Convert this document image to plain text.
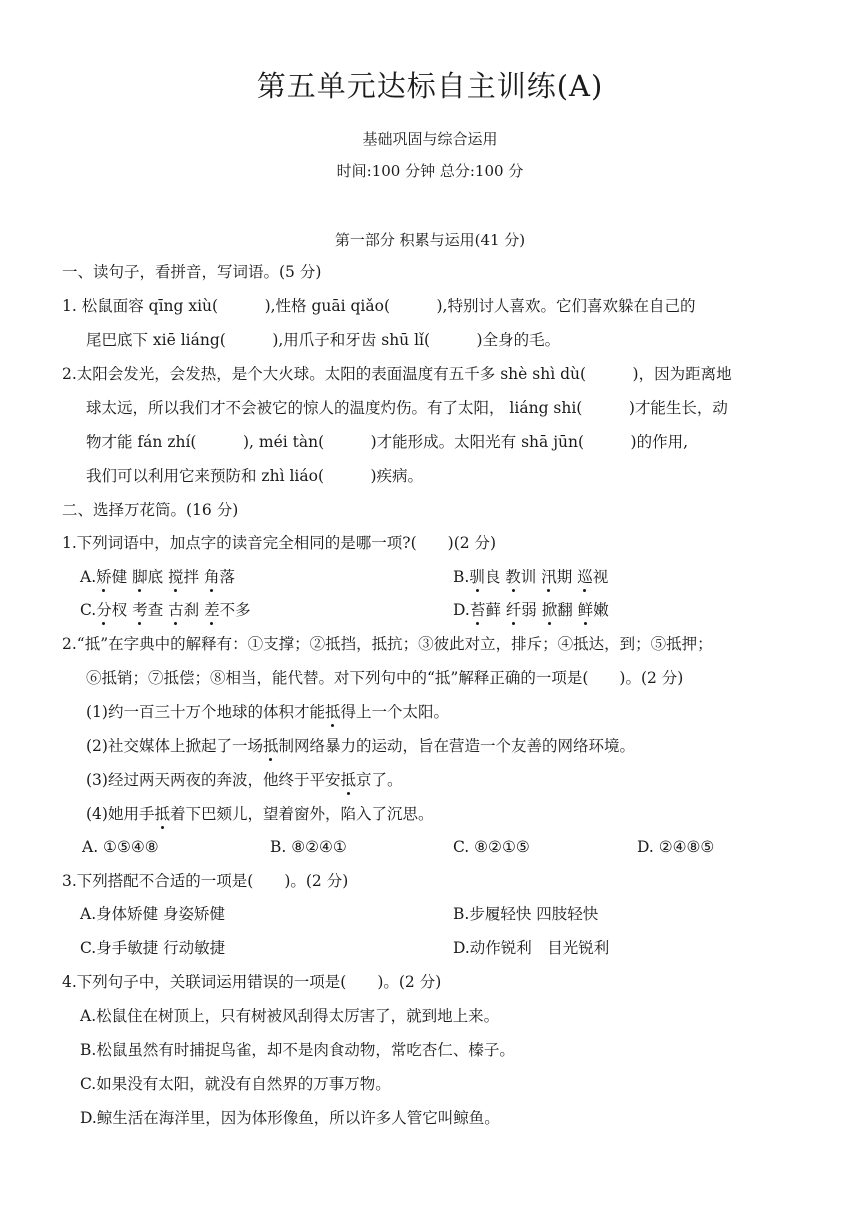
第五单元达标自主训练(A)
基础巩固与综合运用
时间:100 分钟 总分:100 分
第一部分 积累与运用(41 分)
一、读句子，看拼音，写词语。(5 分)
1. 松鼠面容 qīng xiù(　　　),性格 guāi qiǎo(　　　),特别讨人喜欢。它们喜欢躲在自己的
尾巴底下 xiē liáng(　　　),用爪子和牙齿 shū lǐ(　　　)全身的毛。
2.太阳会发光，会发热，是个大火球。太阳的表面温度有五千多 shè shì dù(　　　)，因为距离地
球太远，所以我们才不会被它的惊人的温度灼伤。有了太阳， liáng shi(　　　)才能生长，动
物才能 fán zhí(　　　), méi tàn(　　　)才能形成。太阳光有 shā jūn(　　　)的作用,
我们可以利用它来预防和 zhì liáo(　　　)疾病。
二、选择万花筒。(16 分)
1.下列词语中，加点字的读音完全相同的是哪一项?(　　)(2 分)
A.矫健 脚底 搅拌 角落	B.驯良 教训 汛期 巡视
C.分杈 考查 古刹 差不多	D.苔藓 纤弱 掀翻 鲜嫩
2.“抵”在字典中的解释有：①支撑；②抵挡，抵抗；③彼此对立，排斥；④抵达，到；⑤抵押；
⑥抵销；⑦抵偿；⑧相当，能代替。对下列句中的“抵”解释正确的一项是(　　)。(2 分)
(1)约一百三十万个地球的体积才能抵得上一个太阳。
(2)社交媒体上掀起了一场抵制网络暴力的运动，旨在营造一个友善的网络环境。
(3)经过两天两夜的奔波，他终于平安抵京了。
(4)她用手抵着下巴颏儿，望着窗外，陷入了沉思。
A. ①⑤④⑧	B. ⑧②④①	C. ⑧②①⑤	D. ②④⑧⑤
3.下列搭配不合适的一项是(　　)。(2 分)
A.身体矫健 身姿矫健	B.步履轻快 四肢轻快
C.身手敏捷 行动敏捷	D.动作锐利　目光锐利
4.下列句子中，关联词运用错误的一项是(　　)。(2 分)
A.松鼠住在树顶上，只有树被风刮得太厉害了，就到地上来。
B.松鼠虽然有时捕捉鸟雀，却不是肉食动物，常吃杏仁、榛子。
C.如果没有太阳，就没有自然界的万事万物。
D.鲸生活在海洋里，因为体形像鱼，所以许多人管它叫鲸鱼。
